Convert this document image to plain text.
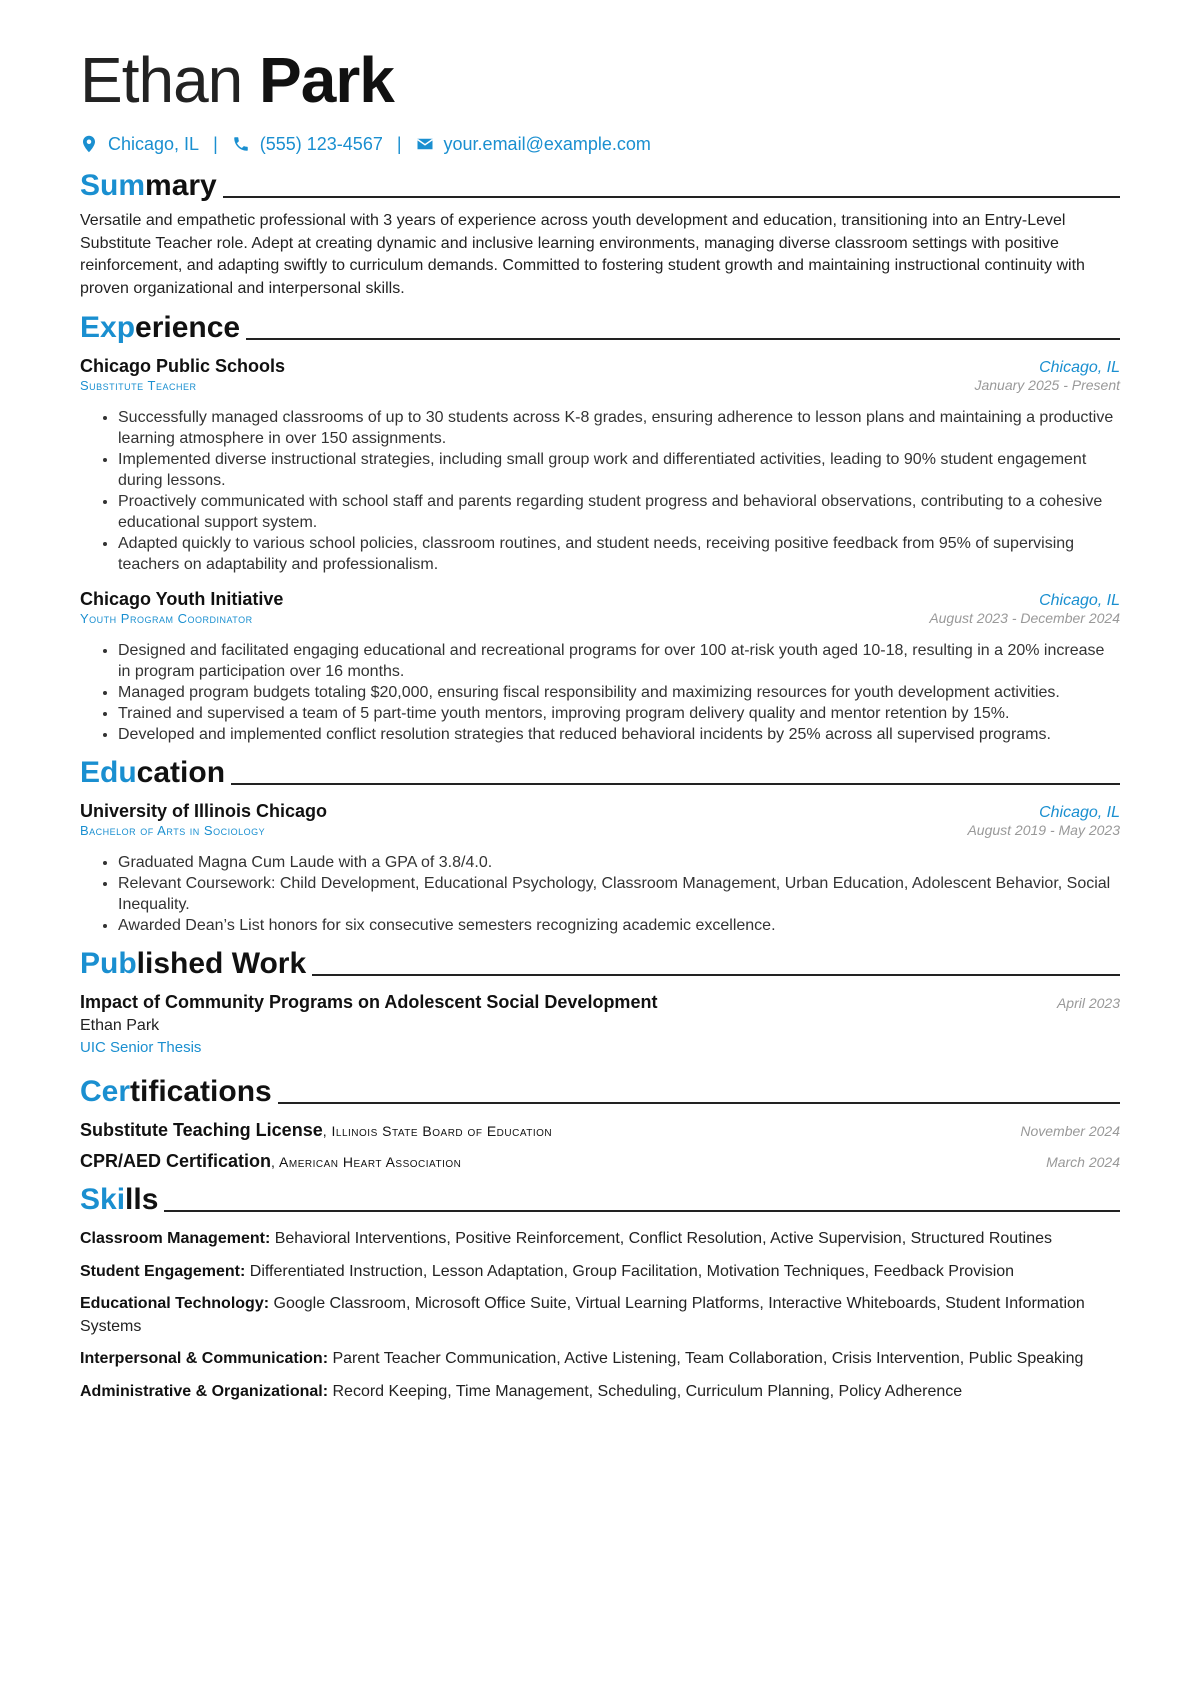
Ethan Park
Chicago, IL | (555) 123-4567 | your.email@example.com
Summary
Versatile and empathetic professional with 3 years of experience across youth development and education, transitioning into an Entry-Level Substitute Teacher role. Adept at creating dynamic and inclusive learning environments, managing diverse classroom settings with positive reinforcement, and adapting swiftly to curriculum demands. Committed to fostering student growth and maintaining instructional continuity with proven organizational and interpersonal skills.
Experience
Chicago Public Schools	Chicago, IL
Substitute Teacher	January 2025 - Present
• Successfully managed classrooms of up to 30 students across K-8 grades, ensuring adherence to lesson plans and maintaining a productive learning atmosphere in over 150 assignments.
• Implemented diverse instructional strategies, including small group work and differentiated activities, leading to 90% student engagement during lessons.
• Proactively communicated with school staff and parents regarding student progress and behavioral observations, contributing to a cohesive educational support system.
• Adapted quickly to various school policies, classroom routines, and student needs, receiving positive feedback from 95% of supervising teachers on adaptability and professionalism.
Chicago Youth Initiative	Chicago, IL
Youth Program Coordinator	August 2023 - December 2024
• Designed and facilitated engaging educational and recreational programs for over 100 at-risk youth aged 10-18, resulting in a 20% increase in program participation over 16 months.
• Managed program budgets totaling $20,000, ensuring fiscal responsibility and maximizing resources for youth development activities.
• Trained and supervised a team of 5 part-time youth mentors, improving program delivery quality and mentor retention by 15%.
• Developed and implemented conflict resolution strategies that reduced behavioral incidents by 25% across all supervised programs.
Education
University of Illinois Chicago	Chicago, IL
Bachelor of Arts in Sociology	August 2019 - May 2023
• Graduated Magna Cum Laude with a GPA of 3.8/4.0.
• Relevant Coursework: Child Development, Educational Psychology, Classroom Management, Urban Education, Adolescent Behavior, Social Inequality.
• Awarded Dean’s List honors for six consecutive semesters recognizing academic excellence.
Published Work
Impact of Community Programs on Adolescent Social Development	April 2023
Ethan Park
UIC Senior Thesis
Certifications
Substitute Teaching License, Illinois State Board of Education	November 2024
CPR/AED Certification, American Heart Association	March 2024
Skills
Classroom Management: Behavioral Interventions, Positive Reinforcement, Conflict Resolution, Active Supervision, Structured Routines
Student Engagement: Differentiated Instruction, Lesson Adaptation, Group Facilitation, Motivation Techniques, Feedback Provision
Educational Technology: Google Classroom, Microsoft Office Suite, Virtual Learning Platforms, Interactive Whiteboards, Student Information Systems
Interpersonal & Communication: Parent Teacher Communication, Active Listening, Team Collaboration, Crisis Intervention, Public Speaking
Administrative & Organizational: Record Keeping, Time Management, Scheduling, Curriculum Planning, Policy Adherence
